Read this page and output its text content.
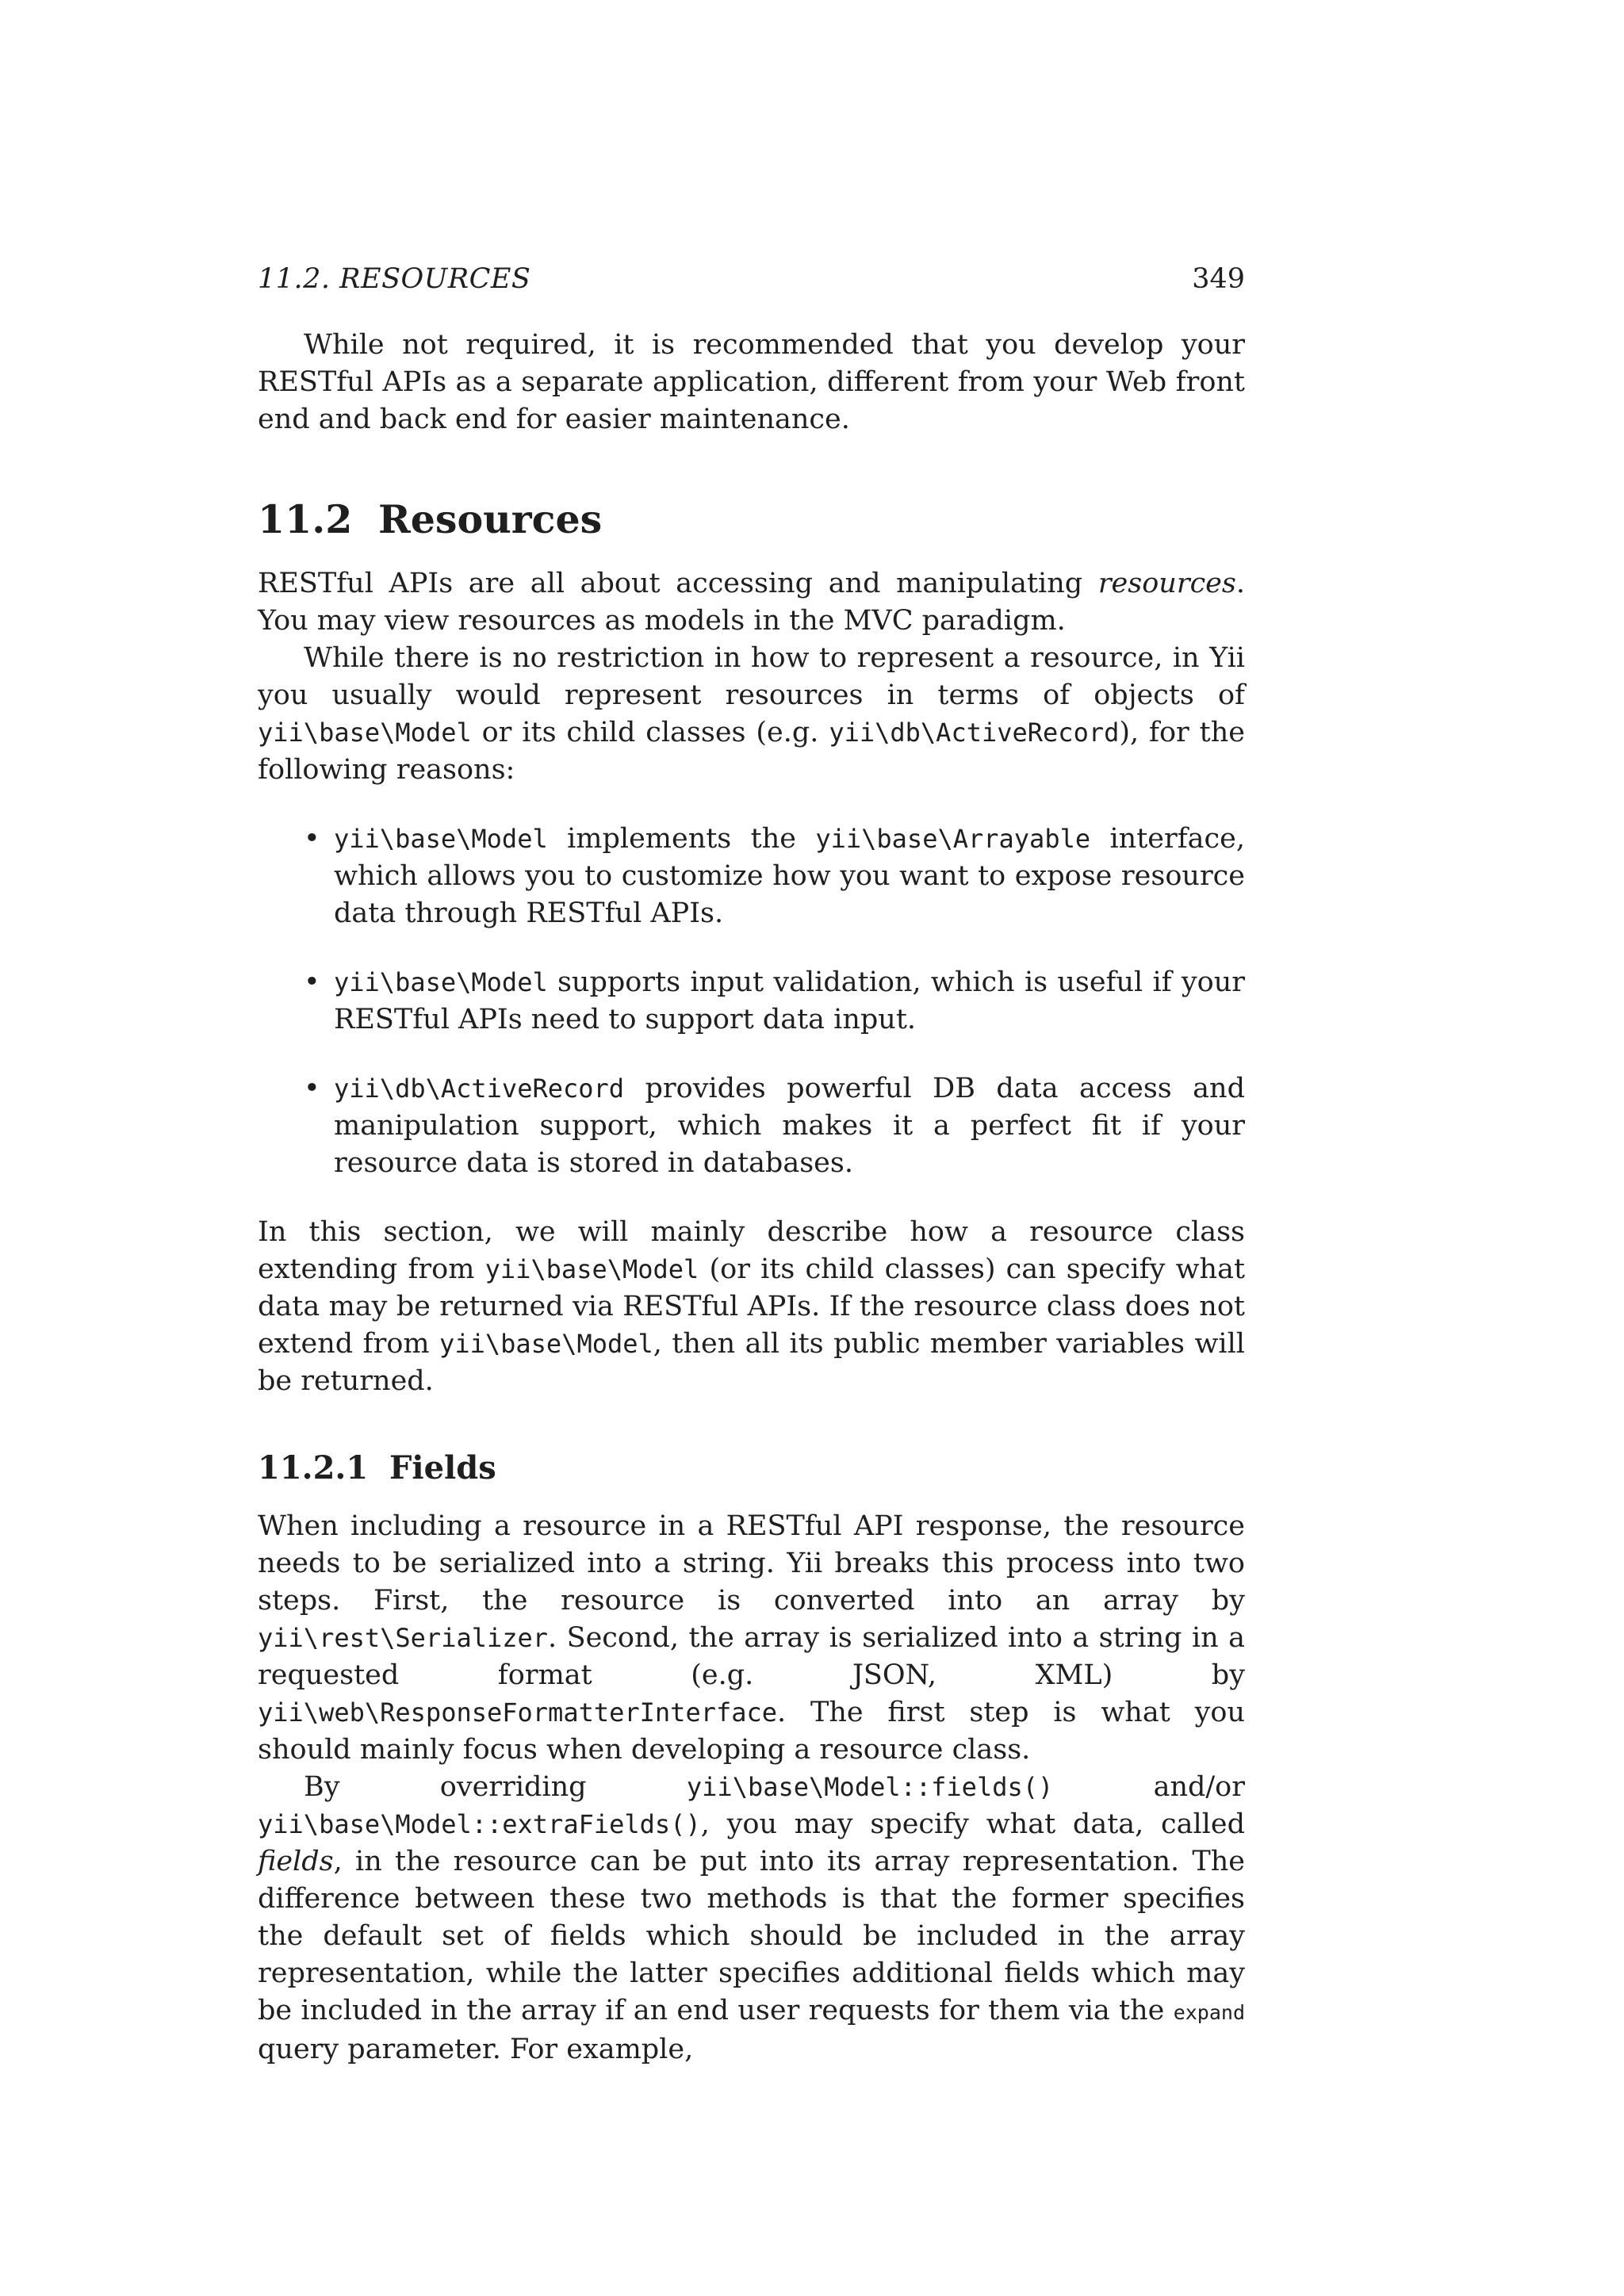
11.2. RESOURCES	349

While not required, it is recommended that you develop your RESTful APIs as a separate application, different from your Web front end and back end for easier maintenance.

11.2 Resources

RESTful APIs are all about accessing and manipulating resources. You may view resources as models in the MVC paradigm.

While there is no restriction in how to represent a resource, in Yii you usually would represent resources in terms of objects of yii\base\Model or its child classes (e.g. yii\db\ActiveRecord), for the following reasons:

• yii\base\Model implements the yii\base\Arrayable interface, which allows you to customize how you want to expose resource data through RESTful APIs.

• yii\base\Model supports input validation, which is useful if your RESTful APIs need to support data input.

• yii\db\ActiveRecord provides powerful DB data access and manipulation support, which makes it a perfect fit if your resource data is stored in databases.

In this section, we will mainly describe how a resource class extending from yii\base\Model (or its child classes) can specify what data may be returned via RESTful APIs. If the resource class does not extend from yii\base\Model, then all its public member variables will be returned.

11.2.1 Fields

When including a resource in a RESTful API response, the resource needs to be serialized into a string. Yii breaks this process into two steps. First, the resource is converted into an array by yii\rest\Serializer. Second, the array is serialized into a string in a requested format (e.g. JSON, XML) by yii\web\ResponseFormatterInterface. The first step is what you should mainly focus when developing a resource class.

By overriding yii\base\Model::fields() and/or yii\base\Model::extraFields(), you may specify what data, called fields, in the resource can be put into its array representation. The difference between these two methods is that the former specifies the default set of fields which should be included in the array representation, while the latter specifies additional fields which may be included in the array if an end user requests for them via the expand query parameter. For example,
